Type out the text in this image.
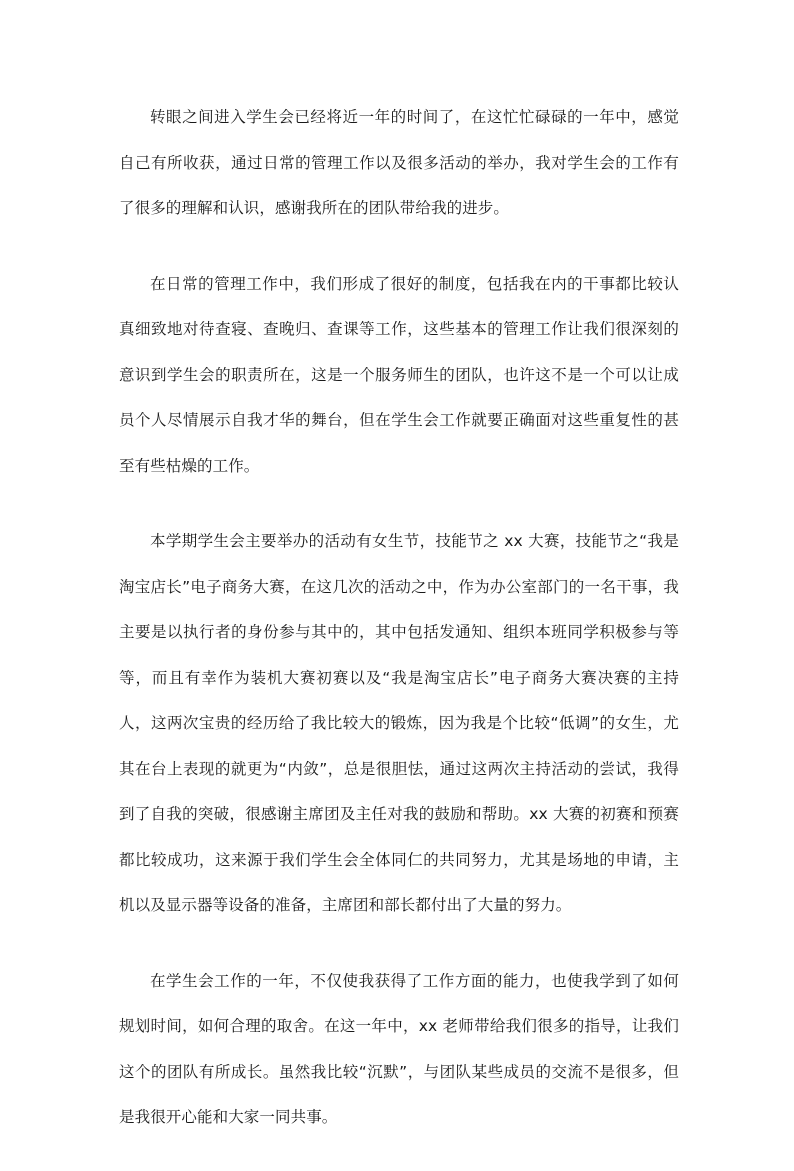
转眼之间进入学生会已经将近一年的时间了，在这忙忙碌碌的一年中，感觉自己有所收获，通过日常的管理工作以及很多活动的举办，我对学生会的工作有了很多的理解和认识，感谢我所在的团队带给我的进步。

在日常的管理工作中，我们形成了很好的制度，包括我在内的干事都比较认真细致地对待查寝、查晚归、查课等工作，这些基本的管理工作让我们很深刻的意识到学生会的职责所在，这是一个服务师生的团队，也许这不是一个可以让成员个人尽情展示自我才华的舞台，但在学生会工作就要正确面对这些重复性的甚至有些枯燥的工作。

本学期学生会主要举办的活动有女生节，技能节之 xx 大赛，技能节之“我是淘宝店长”电子商务大赛，在这几次的活动之中，作为办公室部门的一名干事，我主要是以执行者的身份参与其中的，其中包括发通知、组织本班同学积极参与等等，而且有幸作为装机大赛初赛以及“我是淘宝店长”电子商务大赛决赛的主持人，这两次宝贵的经历给了我比较大的锻炼，因为我是个比较“低调”的女生，尤其在台上表现的就更为“内敛”，总是很胆怯，通过这两次主持活动的尝试，我得到了自我的突破，很感谢主席团及主任对我的鼓励和帮助。xx 大赛的初赛和预赛都比较成功，这来源于我们学生会全体同仁的共同努力，尤其是场地的申请，主机以及显示器等设备的准备，主席团和部长都付出了大量的努力。

在学生会工作的一年，不仅使我获得了工作方面的能力，也使我学到了如何规划时间，如何合理的取舍。在这一年中，xx 老师带给我们很多的指导，让我们这个的团队有所成长。虽然我比较“沉默”，与团队某些成员的交流不是很多，但是我很开心能和大家一同共事。
